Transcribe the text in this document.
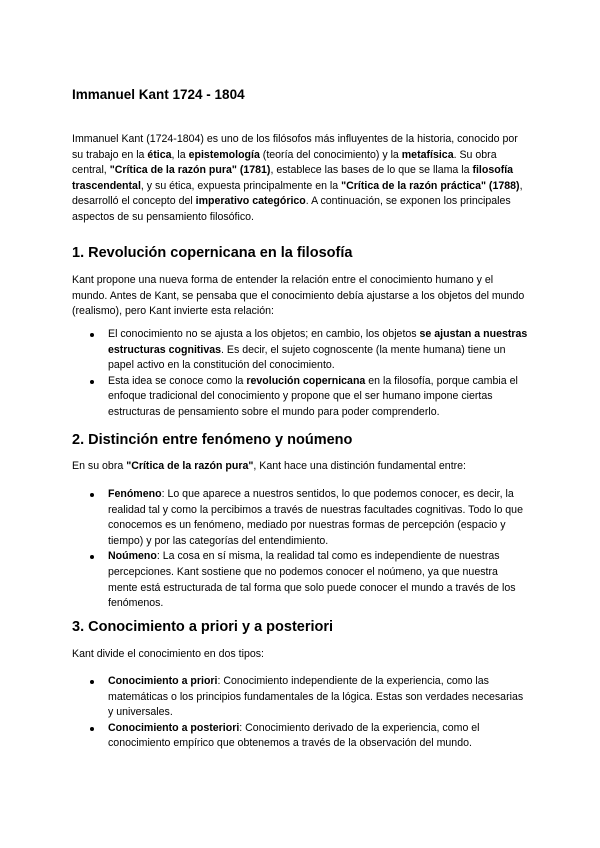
Immanuel Kant 1724 - 1804

Immanuel Kant (1724-1804) es uno de los filósofos más influyentes de la historia, conocido por su trabajo en la ética, la epistemología (teoría del conocimiento) y la metafísica. Su obra central, "Crítica de la razón pura" (1781), establece las bases de lo que se llama la filosofía trascendental, y su ética, expuesta principalmente en la "Crítica de la razón práctica" (1788), desarrolló el concepto del imperativo categórico. A continuación, se exponen los principales aspectos de su pensamiento filosófico.

1. Revolución copernicana en la filosofía

Kant propone una nueva forma de entender la relación entre el conocimiento humano y el mundo. Antes de Kant, se pensaba que el conocimiento debía ajustarse a los objetos del mundo (realismo), pero Kant invierte esta relación:

El conocimiento no se ajusta a los objetos; en cambio, los objetos se ajustan a nuestras estructuras cognitivas. Es decir, el sujeto cognoscente (la mente humana) tiene un papel activo en la constitución del conocimiento.
Esta idea se conoce como la revolución copernicana en la filosofía, porque cambia el enfoque tradicional del conocimiento y propone que el ser humano impone ciertas estructuras de pensamiento sobre el mundo para poder comprenderlo.
2. Distinción entre fenómeno y noúmeno

En su obra "Crítica de la razón pura", Kant hace una distinción fundamental entre:

Fenómeno: Lo que aparece a nuestros sentidos, lo que podemos conocer, es decir, la realidad tal y como la percibimos a través de nuestras facultades cognitivas. Todo lo que conocemos es un fenómeno, mediado por nuestras formas de percepción (espacio y tiempo) y por las categorías del entendimiento.
Noúmeno: La cosa en sí misma, la realidad tal como es independiente de nuestras percepciones. Kant sostiene que no podemos conocer el noúmeno, ya que nuestra mente está estructurada de tal forma que solo puede conocer el mundo a través de los fenómenos.
3. Conocimiento a priori y a posteriori

Kant divide el conocimiento en dos tipos:

Conocimiento a priori: Conocimiento independiente de la experiencia, como las matemáticas o los principios fundamentales de la lógica. Estas son verdades necesarias y universales.
Conocimiento a posteriori: Conocimiento derivado de la experiencia, como el conocimiento empírico que obtenemos a través de la observación del mundo.
